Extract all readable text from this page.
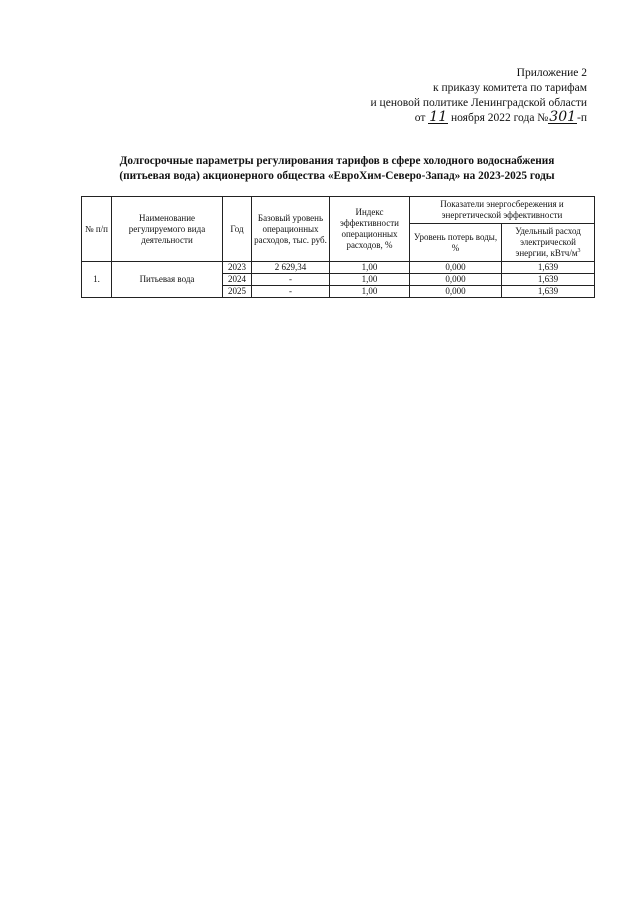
Приложение 2
к приказу комитета по тарифам
и ценовой политике Ленинградской области
от 11 ноября 2022 года №301-п
Долгосрочные параметры регулирования тарифов в сфере холодного водоснабжения
(питьевая вода) акционерного общества «ЕвроХим-Северо-Запад» на 2023-2025 годы
№ п/п	Наименование регулируемого вида деятельности	Год	Базовый уровень операционных расходов, тыс. руб.	Индекс эффективности операционных расходов, %	Показатели энергосбережения и энергетической эффективности	
					Уровень потерь воды, %	Удельный расход электрической энергии, кВтч/$м^3$
1.	Питьевая вода	2023	2 629,34	1,00	0,000	1,639
		2024	-	1,00	0,000	1,639
		2025	-	1,00	0,000	1,639
